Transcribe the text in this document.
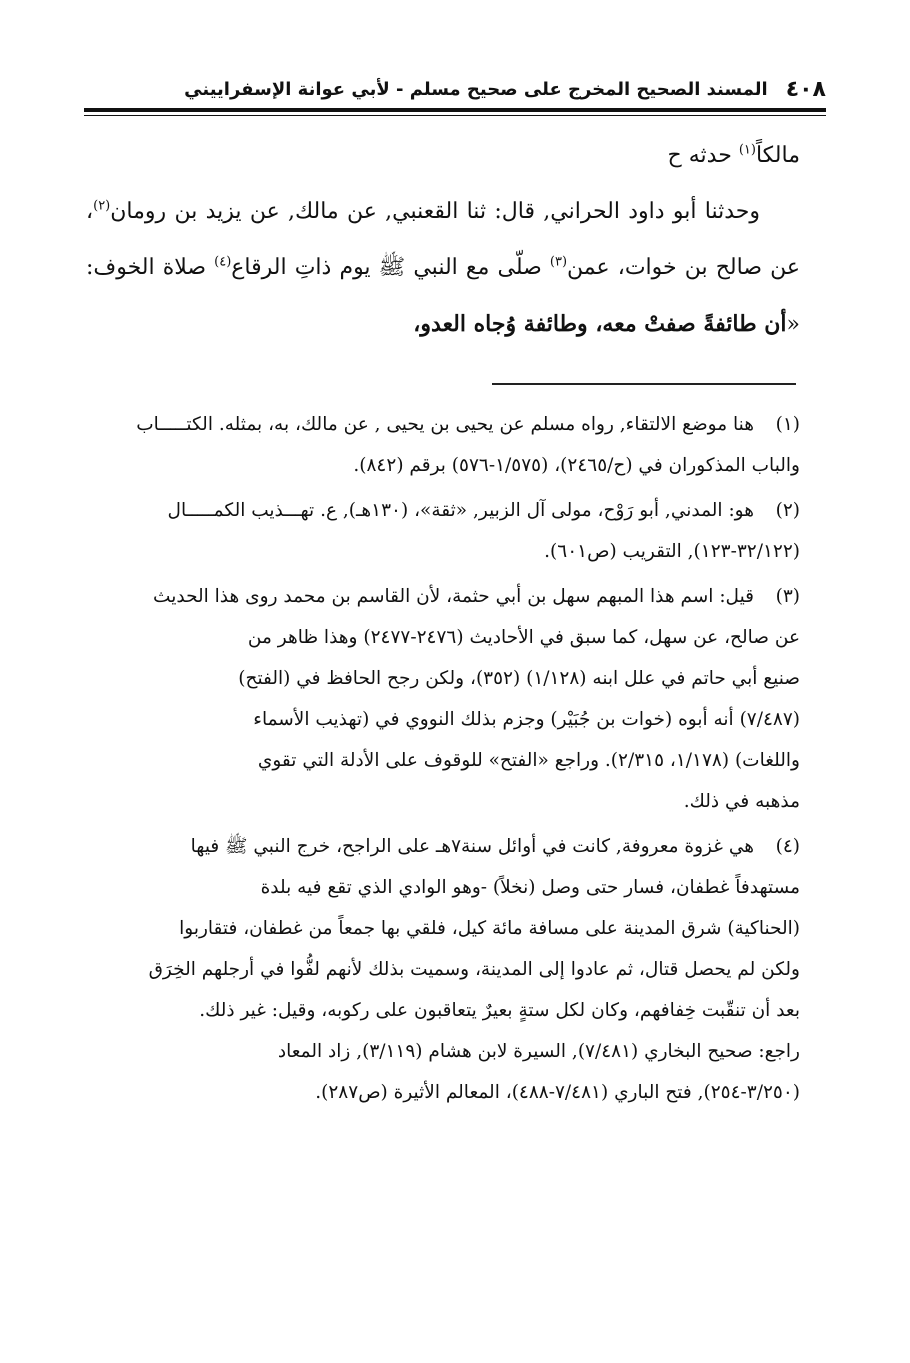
٤٠٨
المسند الصحيح المخرج على صحيح مسلم - لأبي عوانة الإسفراييني

مالكاً$^{(١)}$ حدثه ح

وحدثنا أبو داود الحراني, قال: ثنا القعنبي, عن مالك, عن يزيد بن رومان$^{(٢)}$، عن صالح بن خوات، عمن$^{(٣)}$ صلّى مع النبي ﷺ يوم ذاتِ الرقاع$^{(٤)}$ صلاة الخوف: «أن طائفةً صفتْ معه، وطائفة وُجاه العدو،

(١)
هنا موضع الالتقاء, رواه مسلم عن يحيى بن يحيى , عن مالك، به، بمثله. الكتـــــاب
والباب المذكوران في (ح/٢٤٦٥)، (١/٥٧٥-٥٧٦) برقم (٨٤٢).
(٢)
هو: المدني, أبو رَوْح، مولى آل الزبير, «ثقة»، (١٣٠هـ), ع. تهـــذيب الكمـــــال
(٣٢/١٢٢-١٢٣), التقريب (ص٦٠١).
(٣)
قيل: اسم هذا المبهم سهل بن أبي حثمة، لأن القاسم بن محمد روى هذا الحديث
عن صالح، عن سهل، كما سبق في الأحاديث (٢٤٧٦-٢٤٧٧) وهذا ظاهر من
صنيع أبي حاتم في علل ابنه (١/١٢٨) (٣٥٢)، ولكن رجح الحافظ في (الفتح)
(٧/٤٨٧) أنه أبوه (خوات بن جُبَيْر) وجزم بذلك النووي في (تهذيب الأسماء
واللغات) (١/١٧٨، ٢/٣١٥). وراجع «الفتح» للوقوف على الأدلة التي تقوي
مذهبه في ذلك.
(٤)
هي غزوة معروفة, كانت في أوائل سنة٧هـ على الراجح، خرج النبي ﷺ فيها
مستهدفاً غطفان، فسار حتى وصل (نخلاً) -وهو الوادي الذي تقع فيه بلدة
(الحناكية) شرق المدينة على مسافة مائة كيل، فلقي بها جمعاً من غطفان، فتقاربوا
ولكن لم يحصل قتال، ثم عادوا إلى المدينة، وسميت بذلك لأنهم لفُّوا في أرجلهم الخِرَق
بعد أن تنقّبت خِفافهم، وكان لكل ستةٍ بعيرٌ يتعاقبون على ركوبه، وقيل: غير ذلك.
راجع: صحيح البخاري (٧/٤٨١), السيرة لابن هشام (٣/١١٩), زاد المعاد
(٣/٢٥٠-٢٥٤), فتح الباري (٧/٤٨١-٤٨٨)، المعالم الأثيرة (ص٢٨٧).
